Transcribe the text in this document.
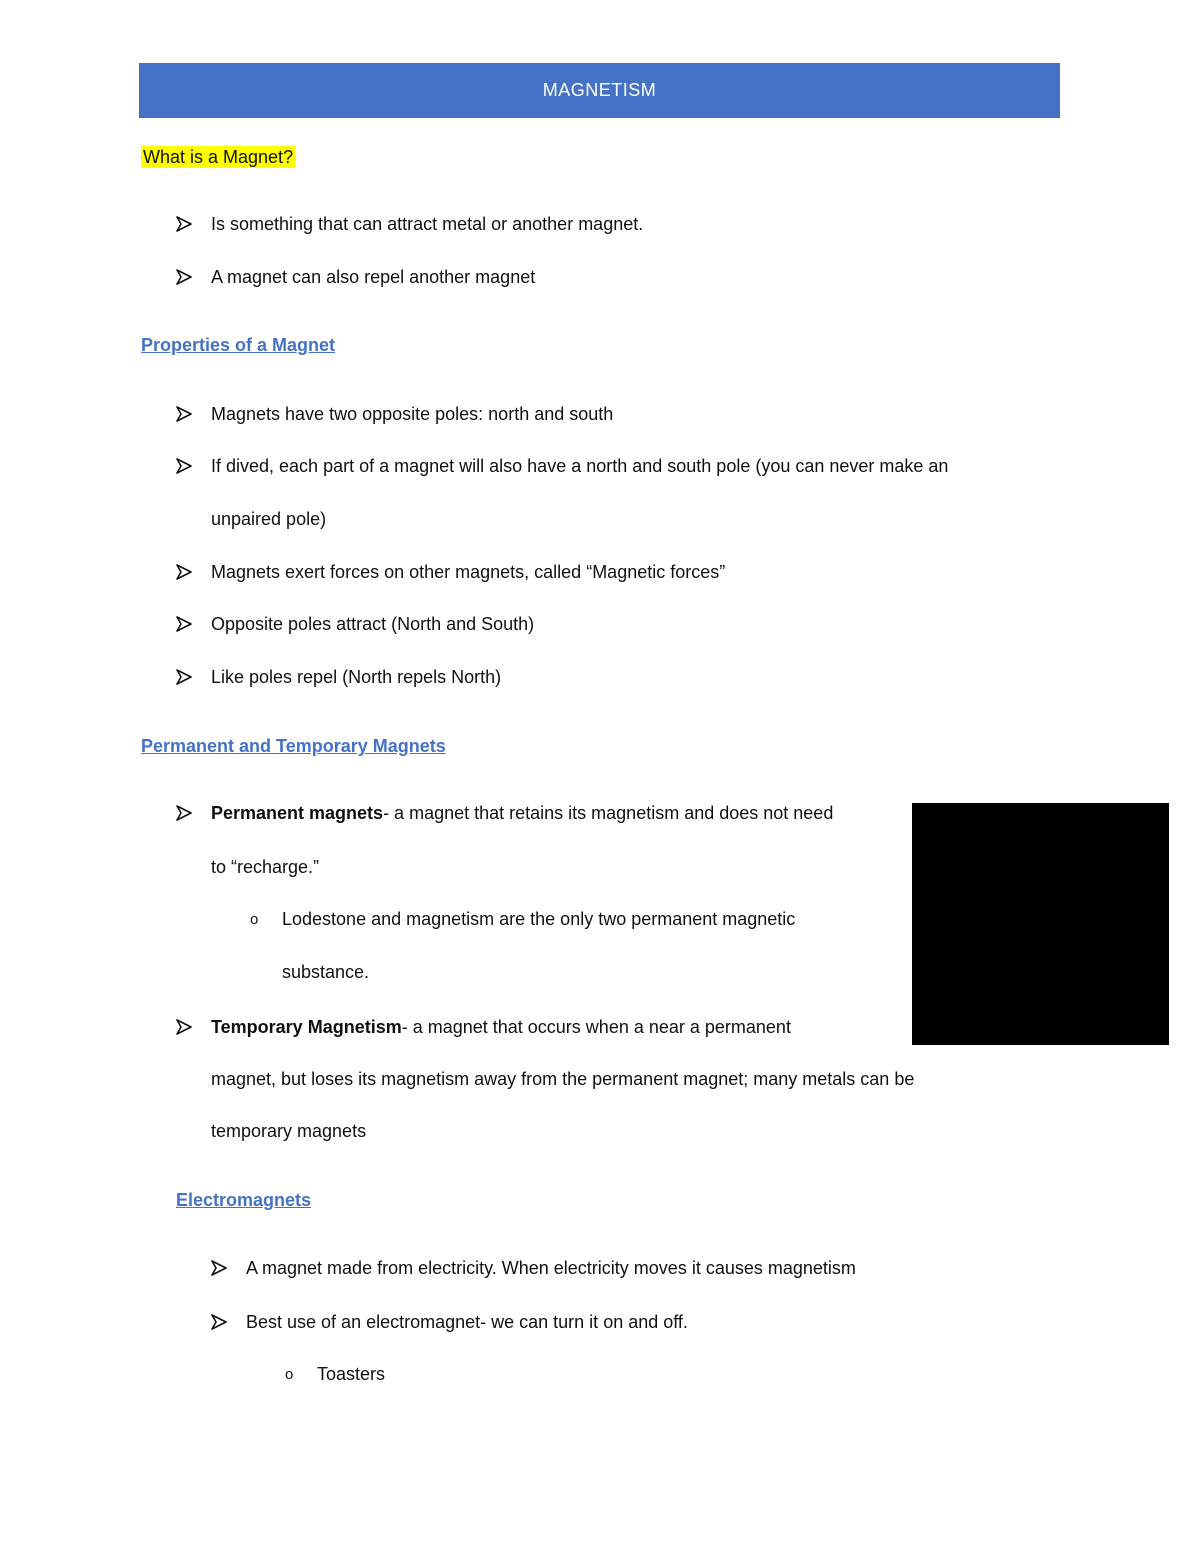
MAGNETISM
What is a Magnet?
Is something that can attract metal or another magnet.
A magnet can also repel another magnet
Properties of a Magnet
Magnets have two opposite poles: north and south
If dived, each part of a magnet will also have a north and south pole (you can never make an
unpaired pole)
Magnets exert forces on other magnets, called “Magnetic forces”
Opposite poles attract (North and South)
Like poles repel (North repels North)
Permanent and Temporary Magnets
Permanent magnets- a magnet that retains its magnetism and does not need
to “recharge.”
o Lodestone and magnetism are the only two permanent magnetic
substance.
Temporary Magnetism- a magnet that occurs when a near a permanent
magnet, but loses its magnetism away from the permanent magnet; many metals can be
temporary magnets
Electromagnets
A magnet made from electricity. When electricity moves it causes magnetism
Best use of an electromagnet- we can turn it on and off.
o Toasters
